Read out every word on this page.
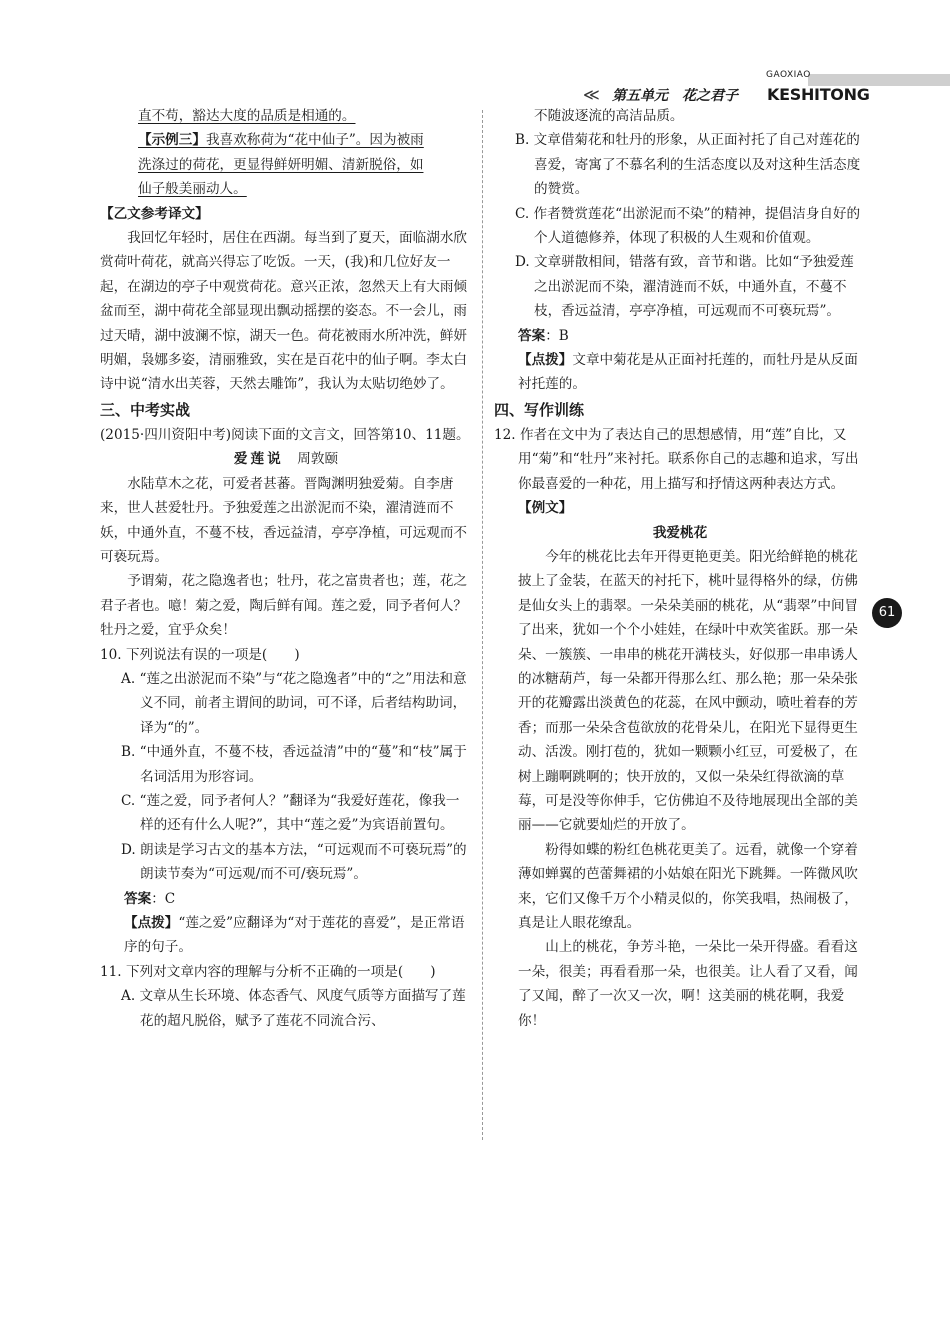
≪ 第五单元　花之君子
GAOXIAO
KESHITONG

直不苟，豁达大度的品质是相通的。

【示例三】我喜欢称荷为“花中仙子”。因为被雨

洗涤过的荷花，更显得鲜妍明媚、清新脱俗，如

仙子般美丽动人。

【乙文参考译文】

我回忆年轻时，居住在西湖。每当到了夏天，面临湖水欣赏荷叶荷花，就高兴得忘了吃饭。一天，(我)和几位好友一起，在湖边的亭子中观赏荷花。意兴正浓，忽然天上有大雨倾盆而至，湖中荷花全部显现出飘动摇摆的姿态。不一会儿，雨过天晴，湖中波澜不惊，湖天一色。荷花被雨水所冲洗，鲜妍明媚，袅娜多姿，清丽雅致，实在是百花中的仙子啊。李太白诗中说“清水出芙蓉，天然去雕饰”，我认为太贴切绝妙了。

三、中考实战

(2015·四川资阳中考)阅读下面的文言文，回答第10、11题。

爱莲说　 周敦颐

水陆草木之花，可爱者甚蕃。晋陶渊明独爱菊。自李唐来，世人甚爱牡丹。予独爱莲之出淤泥而不染，濯清涟而不妖，中通外直，不蔓不枝，香远益清，亭亭净植，可远观而不可亵玩焉。

予谓菊，花之隐逸者也；牡丹，花之富贵者也；莲，花之君子者也。噫！菊之爱，陶后鲜有闻。莲之爱，同予者何人？牡丹之爱，宜乎众矣！

10. 下列说法有误的一项是(　　)

A. “莲之出淤泥而不染”与“花之隐逸者”中的“之”用法和意义不同，前者主谓间的助词，可不译，后者结构助词，译为“的”。

B. “中通外直，不蔓不枝，香远益清”中的“蔓”和“枝”属于名词活用为形容词。

C. “莲之爱，同予者何人？”翻译为“我爱好莲花，像我一样的还有什么人呢?”，其中“莲之爱”为宾语前置句。

D. 朗读是学习古文的基本方法，“可远观而不可亵玩焉”的朗读节奏为“可远观/而不可/亵玩焉”。

答案：C

【点拨】“莲之爱”应翻译为“对于莲花的喜爱”，是正常语序的句子。

11. 下列对文章内容的理解与分析不正确的一项是(　　)

A. 文章从生长环境、体态香气、风度气质等方面描写了莲花的超凡脱俗，赋予了莲花不同流合污、

不随波逐流的高洁品质。

B. 文章借菊花和牡丹的形象，从正面衬托了自己对莲花的喜爱，寄寓了不慕名利的生活态度以及对这种生活态度的赞赏。

C. 作者赞赏莲花“出淤泥而不染”的精神，提倡洁身自好的个人道德修养，体现了积极的人生观和价值观。

D. 文章骈散相间，错落有致，音节和谐。比如“予独爱莲之出淤泥而不染，濯清涟而不妖，中通外直，不蔓不枝，香远益清，亭亭净植，可远观而不可亵玩焉”。

答案：B

【点拨】文章中菊花是从正面衬托莲的，而牡丹是从反面衬托莲的。

四、写作训练

12. 作者在文中为了表达自己的思想感情，用“莲”自比，又用“菊”和“牡丹”来衬托。联系你自己的志趣和追求，写出你最喜爱的一种花，用上描写和抒情这两种表达方式。

【例文】

我爱桃花

今年的桃花比去年开得更艳更美。阳光给鲜艳的桃花披上了金装，在蓝天的衬托下，桃叶显得格外的绿，仿佛是仙女头上的翡翠。一朵朵美丽的桃花，从“翡翠”中间冒了出来，犹如一个个小娃娃，在绿叶中欢笑雀跃。那一朵朵、一簇簇、一串串的桃花开满枝头，好似那一串串诱人的冰糖葫芦，每一朵都开得那么红、那么艳；那一朵朵张开的花瓣露出淡黄色的花蕊，在风中颤动，喷吐着春的芳香；而那一朵朵含苞欲放的花骨朵儿，在阳光下显得更生动、活泼。刚打苞的，犹如一颗颗小红豆，可爱极了，在树上蹦啊跳啊的；快开放的，又似一朵朵红得欲滴的草莓，可是没等你伸手，它仿佛迫不及待地展现出全部的美丽——它就要灿烂的开放了。

粉得如蝶的粉红色桃花更美了。远看，就像一个穿着薄如蝉翼的芭蕾舞裙的小姑娘在阳光下跳舞。一阵微风吹来，它们又像千万个小精灵似的，你笑我唱，热闹极了，真是让人眼花缭乱。

山上的桃花，争芳斗艳，一朵比一朵开得盛。看看这一朵，很美；再看看那一朵，也很美。让人看了又看，闻了又闻，醉了一次又一次，啊！这美丽的桃花啊，我爱你！

61
